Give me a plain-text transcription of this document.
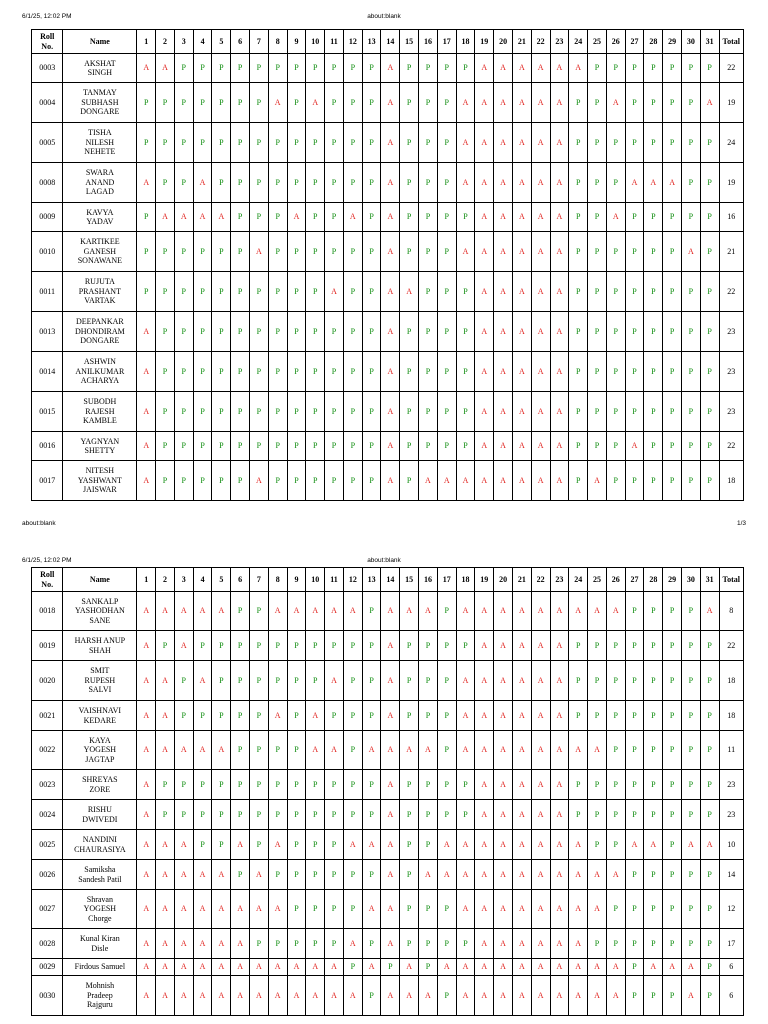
6/1/25, 12:02 PM	about:blank
Roll
No.	Name	1	2	3	4	5	6	7	8	9	10	11	12	13	14	15	16	17	18	19	20	21	22	23	24	25	26	27	28	29	30	31	Total
0003	AKSHAT
SINGH	A	A	P	P	P	P	P	P	P	P	P	P	P	A	P	P	P	P	A	A	A	A	A	A	P	P	P	P	P	P	P	22
0004	TANMAY
SUBHASH
DONGARE	P	P	P	P	P	P	P	A	P	A	P	P	P	A	P	P	P	A	A	A	A	A	A	P	P	A	P	P	P	P	A	19
0005	TISHA
NILESH
NEHETE	P	P	P	P	P	P	P	P	P	P	P	P	P	A	P	P	P	A	A	A	A	A	A	P	P	P	P	P	P	P	P	24
0008	SWARA
ANAND
LAGAD	A	P	P	A	P	P	P	P	P	P	P	P	P	A	P	P	P	A	A	A	A	A	A	P	P	P	A	A	A	P	P	19
0009	KAVYA
YADAV	P	A	A	A	A	P	P	P	A	P	P	A	P	A	P	P	P	P	A	A	A	A	A	P	P	A	P	P	P	P	P	16
0010	KARTIKEE
GANESH
SONAWANE	P	P	P	P	P	P	A	P	P	P	P	P	P	A	P	P	P	A	A	A	A	A	A	P	P	P	P	P	P	A	P	21
0011	RUJUTA
PRASHANT
VARTAK	P	P	P	P	P	P	P	P	P	P	A	P	P	A	A	P	P	P	A	A	A	A	A	P	P	P	P	P	P	P	P	22
0013	DEEPANKAR
DHONDIRAM
DONGARE	A	P	P	P	P	P	P	P	P	P	P	P	P	A	P	P	P	P	A	A	A	A	A	P	P	P	P	P	P	P	P	23
0014	ASHWIN
ANILKUMAR
ACHARYA	A	P	P	P	P	P	P	P	P	P	P	P	P	A	P	P	P	P	A	A	A	A	A	P	P	P	P	P	P	P	P	23
0015	SUBODH
RAJESH
KAMBLE	A	P	P	P	P	P	P	P	P	P	P	P	P	A	P	P	P	P	A	A	A	A	A	P	P	P	P	P	P	P	P	23
0016	YAGNYAN
SHETTY	A	P	P	P	P	P	P	P	P	P	P	P	P	A	P	P	P	P	A	A	A	A	A	P	P	P	A	P	P	P	P	22
0017	NITESH
YASHWANT
JAISWAR	A	P	P	P	P	P	A	P	P	P	P	P	P	A	P	A	A	A	A	A	A	A	A	P	A	P	P	P	P	P	P	18
about:blank	1/3
6/1/25, 12:02 PM	about:blank
Roll
No.	Name	1	2	3	4	5	6	7	8	9	10	11	12	13	14	15	16	17	18	19	20	21	22	23	24	25	26	27	28	29	30	31	Total
0018	SANKALP
YASHODHAN
SANE	A	A	A	A	A	P	P	A	A	A	A	A	P	A	A	A	P	A	A	A	A	A	A	A	A	A	P	P	P	P	A	8
0019	HARSH ANUP
SHAH	A	P	A	P	P	P	P	P	P	P	P	P	P	A	P	P	P	P	A	A	A	A	A	P	P	P	P	P	P	P	P	22
0020	SMIT
RUPESH
SALVI	A	A	P	A	P	P	P	P	P	P	A	P	P	A	P	P	P	A	A	A	A	A	A	P	P	P	P	P	P	P	P	18
0021	VAISHNAVI
KEDARE	A	A	P	P	P	P	P	A	P	A	P	P	P	A	P	P	P	A	A	A	A	A	A	P	P	P	P	P	P	P	P	18
0022	KAYA
YOGESH
JAGTAP	A	A	A	A	A	P	P	P	P	A	A	P	A	A	A	A	P	A	A	A	A	A	A	A	A	P	P	P	P	P	P	11
0023	SHREYAS
ZORE	A	P	P	P	P	P	P	P	P	P	P	P	P	A	P	P	P	P	A	A	A	A	A	P	P	P	P	P	P	P	P	23
0024	RISHU
DWIVEDI	A	P	P	P	P	P	P	P	P	P	P	P	P	A	P	P	P	P	A	A	A	A	A	P	P	P	P	P	P	P	P	23
0025	NANDINI
CHAURASIYA	A	A	A	P	P	A	P	A	P	P	P	A	A	A	P	P	A	A	A	A	A	A	A	A	P	P	A	A	P	A	A	10
0026	Samiksha
Sandesh Patil	A	A	A	A	A	P	A	P	P	P	P	P	P	A	P	A	A	A	A	A	A	A	A	A	A	A	P	P	P	P	P	14
0027	Shravan
YOGESH
Chorge	A	A	A	A	A	A	A	A	P	P	P	P	A	A	P	P	P	A	A	A	A	A	A	A	A	P	P	P	P	P	P	12
0028	Kunal Kiran
Disle	A	A	A	A	A	A	P	P	P	P	P	A	P	A	P	P	P	P	A	A	A	A	A	A	P	P	P	P	P	P	P	17
0029	Firdous Samuel	A	A	A	A	A	A	A	A	A	A	A	P	A	P	A	P	A	A	A	A	A	A	A	A	A	A	P	A	A	A	P	6
0030	Mohnish
Pradeep
Rajguru	A	A	A	A	A	A	A	A	A	A	A	A	P	A	A	A	P	A	A	A	A	A	A	A	A	A	P	P	P	A	P	6
